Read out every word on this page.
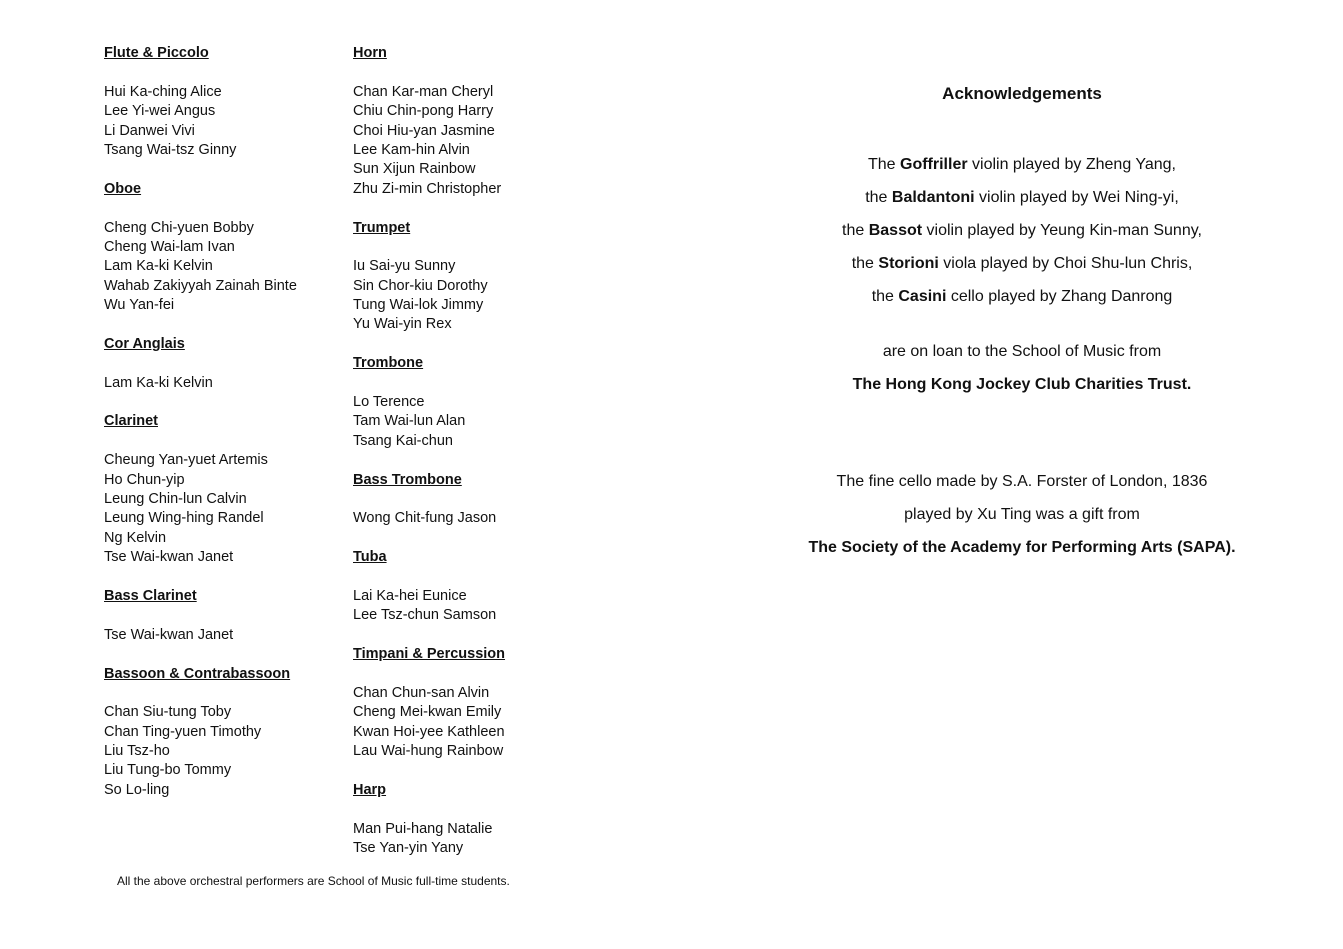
Flute & Piccolo
Hui Ka-ching Alice
Lee Yi-wei Angus
Li Danwei Vivi
Tsang Wai-tsz Ginny
Oboe
Cheng Chi-yuen Bobby
Cheng Wai-lam Ivan
Lam Ka-ki Kelvin
Wahab Zakiyyah Zainah Binte
Wu Yan-fei
Cor Anglais
Lam Ka-ki Kelvin
Clarinet
Cheung Yan-yuet Artemis
Ho Chun-yip
Leung Chin-lun Calvin
Leung Wing-hing Randel
Ng Kelvin
Tse Wai-kwan Janet
Bass Clarinet
Tse Wai-kwan Janet
Bassoon & Contrabassoon
Chan Siu-tung Toby
Chan Ting-yuen Timothy
Liu Tsz-ho
Liu Tung-bo Tommy
So Lo-ling
Horn
Chan Kar-man Cheryl
Chiu Chin-pong Harry
Choi Hiu-yan Jasmine
Lee Kam-hin Alvin
Sun Xijun Rainbow
Zhu Zi-min Christopher
Trumpet
Iu Sai-yu Sunny
Sin Chor-kiu Dorothy
Tung Wai-lok Jimmy
Yu Wai-yin Rex
Trombone
Lo Terence
Tam Wai-lun Alan
Tsang Kai-chun
Bass Trombone
Wong Chit-fung Jason
Tuba
Lai Ka-hei Eunice
Lee Tsz-chun Samson
Timpani & Percussion
Chan Chun-san Alvin
Cheng Mei-kwan Emily
Kwan Hoi-yee Kathleen
Lau Wai-hung Rainbow
Harp
Man Pui-hang Natalie
Tse Yan-yin Yany
All the above orchestral performers are School of Music full-time students.
Acknowledgements
The Goffriller violin played by Zheng Yang,
the Baldantoni violin played by Wei Ning-yi,
the Bassot violin played by Yeung Kin-man Sunny,
the Storioni viola played by Choi Shu-lun Chris,
the Casini cello played by Zhang Danrong
are on loan to the School of Music from
The Hong Kong Jockey Club Charities Trust.
The fine cello made by S.A. Forster of London, 1836
played by Xu Ting was a gift from
The Society of the Academy for Performing Arts (SAPA).
